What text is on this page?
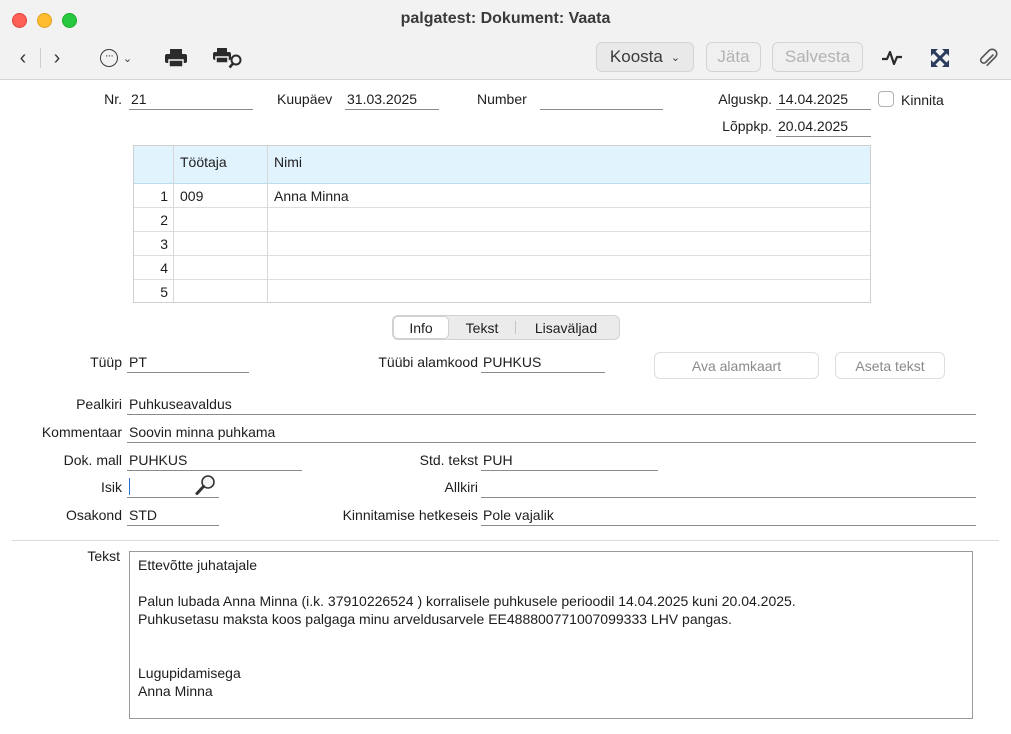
palgatest: Dokument: Vaata
‹	›	··· ⌄	Koosta ⌄	Jäta	Salvesta
Nr. 21	Kuupäev 31.03.2025	Number	Alguskp. 14.04.2025	Kinnita
Lõppkp. 20.04.2025
Töötaja	Nimi
1 009	Anna Minna
2
3
4
5
Info	Tekst	Lisaväljad
Tüüp PT	Tüübi alamkood PUHKUS	Ava alamkaart	Aseta tekst
Pealkiri Puhkuseavaldus
Kommentaar Soovin minna puhkama
Dok. mall PUHKUS	Std. tekst PUH
Isik	Allkiri
Osakond STD	Kinnitamise hetkeseis Pole vajalik
Tekst

Ettevõtte juhatajale

Palun lubada Anna Minna (i.k. 37910226524 ) korralisele puhkusele perioodil 14.04.2025 kuni 20.04.2025.

Puhkusetasu maksta koos palgaga minu arveldusarvele EE488800771007099333 LHV pangas.

Lugupidamisega

Anna Minna
